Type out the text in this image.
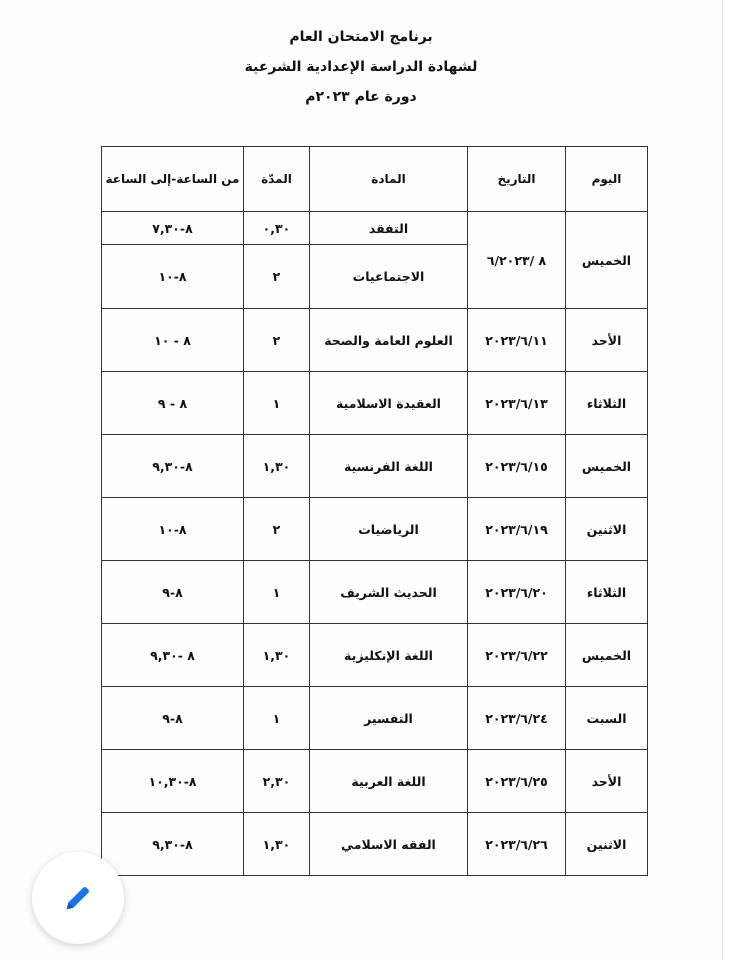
برنامج الامتحان العام
لشهادة الدراسة الإعدادية الشرعية
دورة عام ٢٠٢٣م
اليوم	التاريخ	المادة	المدّة	من الساعة-إلى الساعة
الخميس	٨ /٦/٢٠٢٣	التفقد	٠,٣٠	٨-٧,٣٠
		الاجتماعيات	٢	٨-١٠
الأحد	٢٠٢٣/٦/١١	العلوم العامة والصحة	٢	٨ - ١٠
الثلاثاء	٢٠٢٣/٦/١٣	العقيدة الاسلامية	١	٨ - ٩
الخميس	٢٠٢٣/٦/١٥	اللغة الفرنسية	١,٣٠	٨-٩,٣٠
الاثنين	٢٠٢٣/٦/١٩	الرياضيات	٢	٨-١٠
الثلاثاء	٢٠٢٣/٦/٢٠	الحديث الشريف	١	٨-٩
الخميس	٢٠٢٣/٦/٢٢	اللغة الإنكليزية	١,٣٠	٨ -٩,٣٠
السبت	٢٠٢٣/٦/٢٤	التفسير	١	٨-٩
الأحد	٢٠٢٣/٦/٢٥	اللغة العربية	٢,٣٠	٨-١٠,٣٠
الاثنين	٢٠٢٣/٦/٢٦	الفقه الاسلامي	١,٣٠	٨-٩,٣٠
